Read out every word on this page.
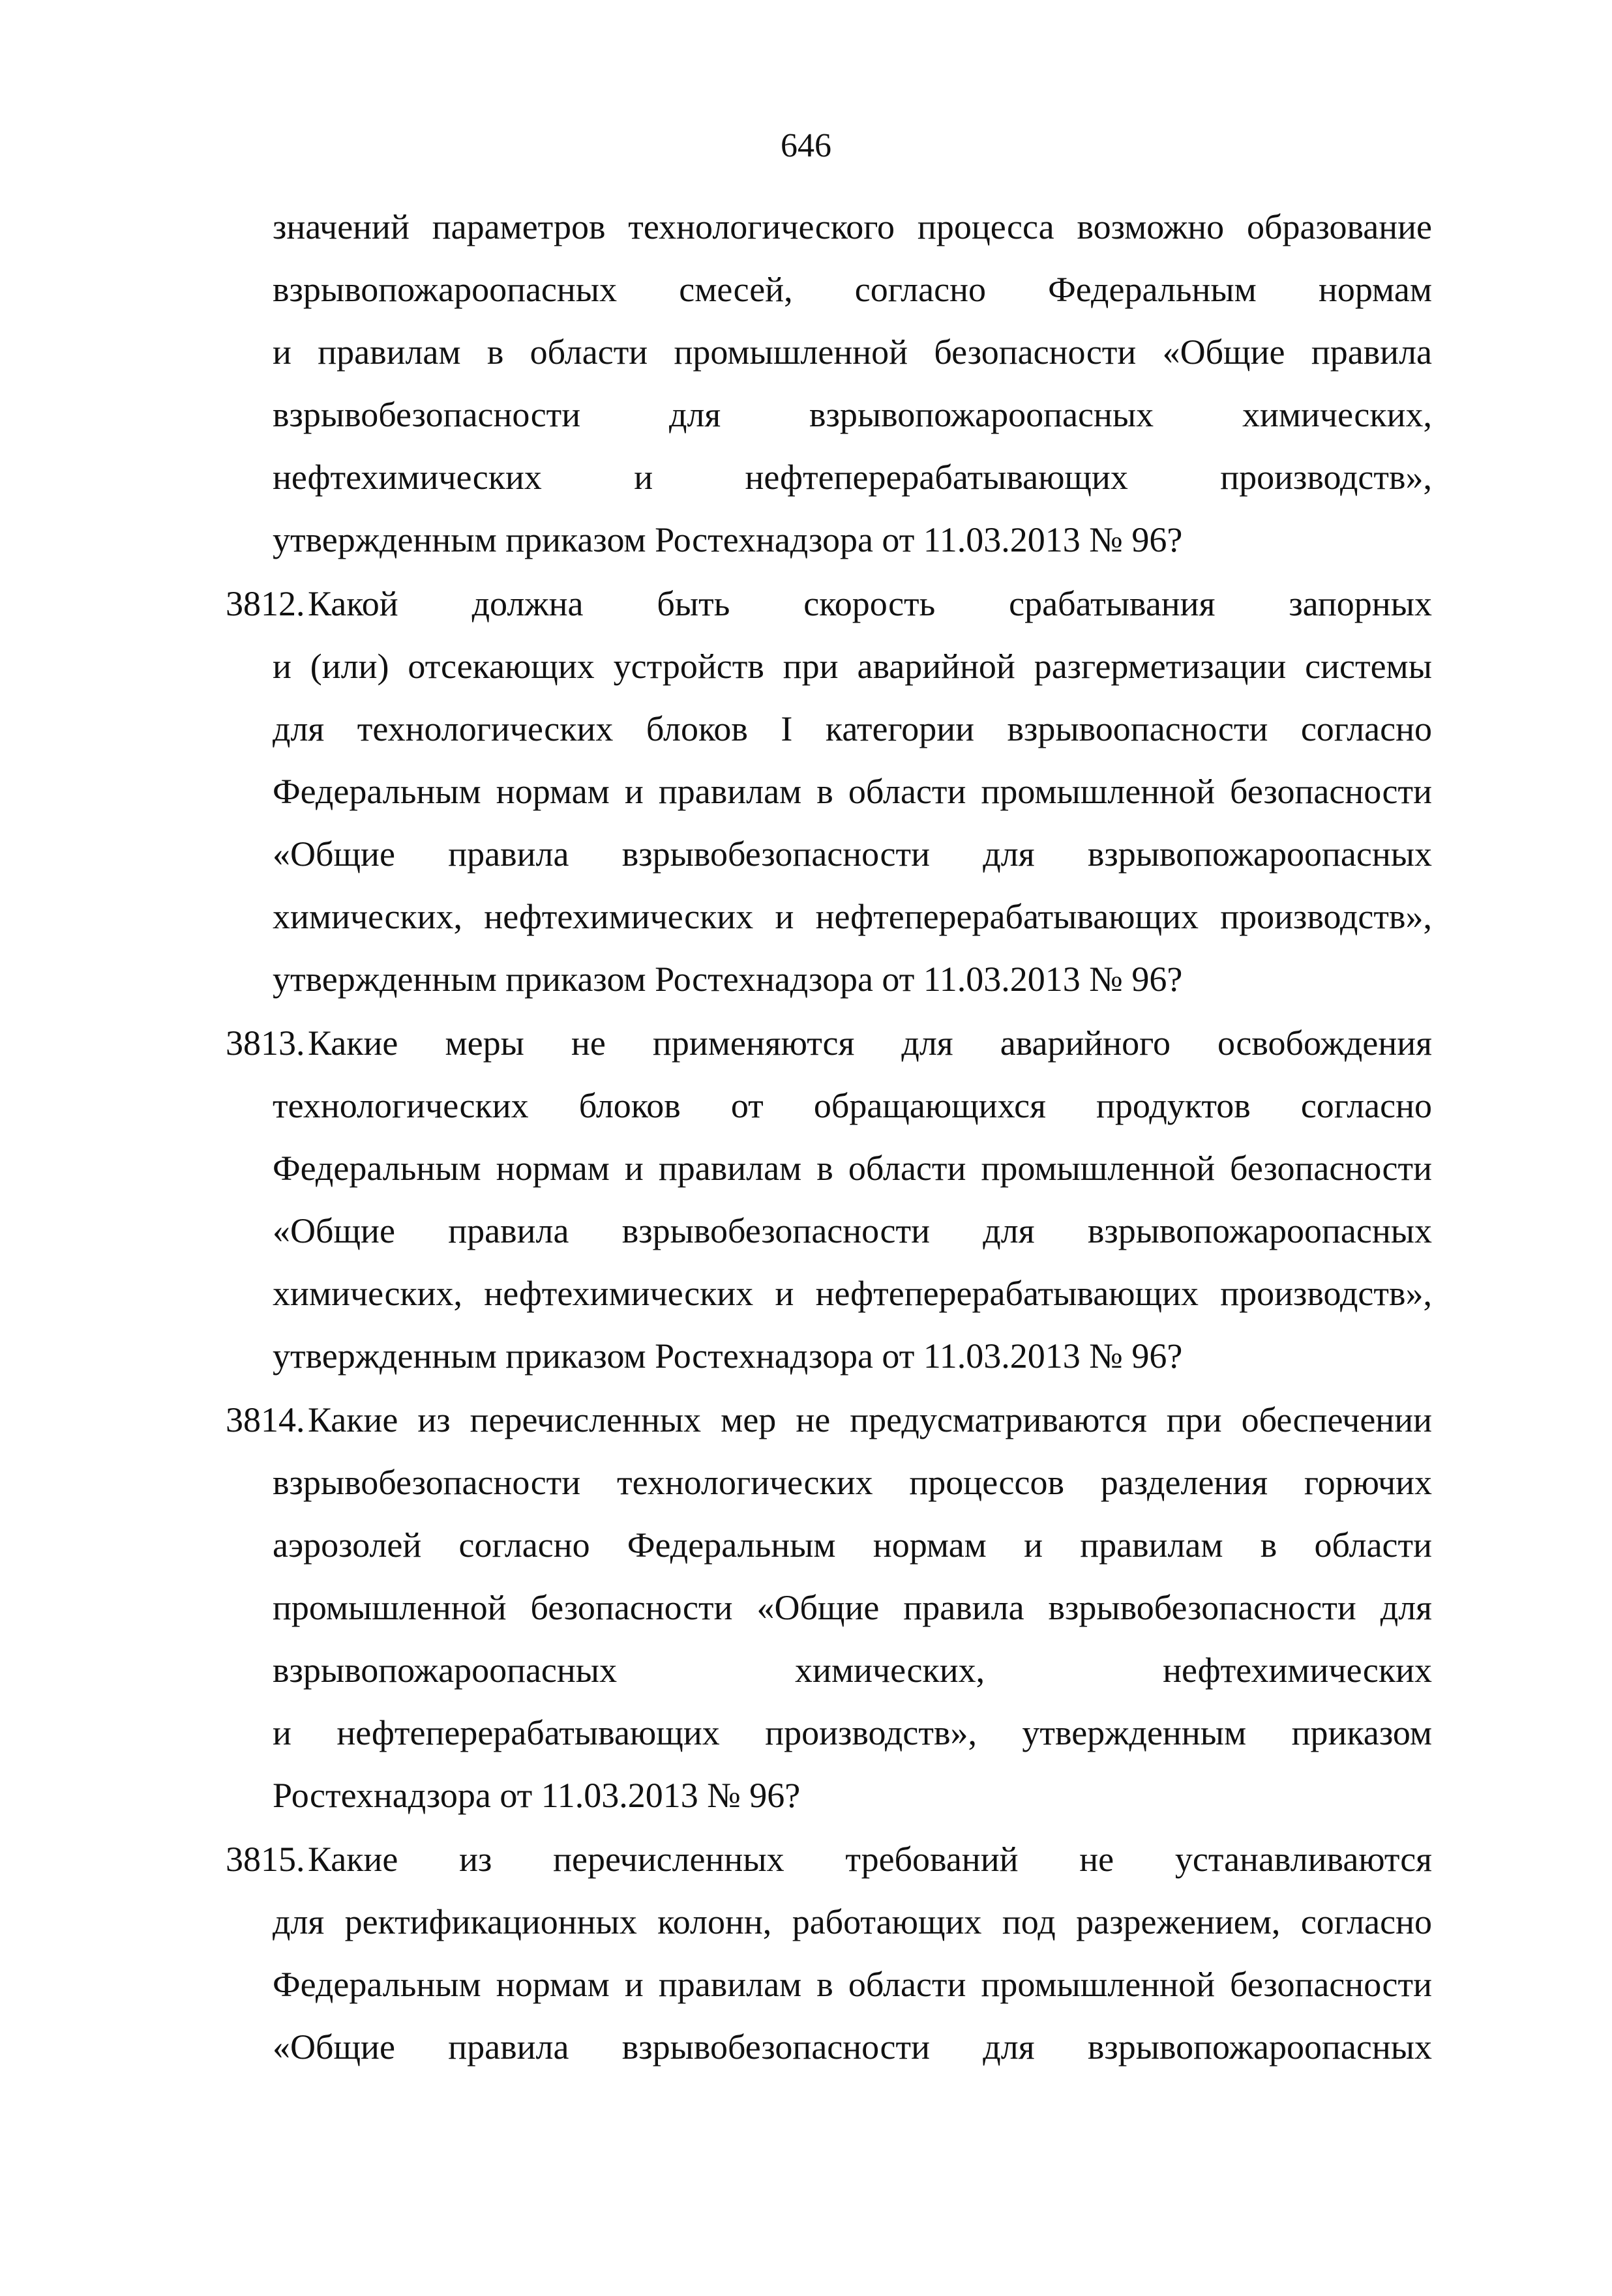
646
значений параметров технологического процесса возможно образование
взрывопожароопасных смесей, согласно Федеральным нормам
и правилам в области промышленной безопасности «Общие правила
взрывобезопасности для взрывопожароопасных химических,
нефтехимических и нефтеперерабатывающих производств»,
утвержденным приказом Ростехнадзора от 11.03.2013 № 96?
3812. Какой должна быть скорость срабатывания запорных
и (или) отсекающих устройств при аварийной разгерметизации системы
для технологических блоков I категории взрывоопасности согласно
Федеральным нормам и правилам в области промышленной безопасности
«Общие правила взрывобезопасности для взрывопожароопасных
химических, нефтехимических и нефтеперерабатывающих производств»,
утвержденным приказом Ростехнадзора от 11.03.2013 № 96?
3813. Какие меры не применяются для аварийного освобождения
технологических блоков от обращающихся продуктов согласно
Федеральным нормам и правилам в области промышленной безопасности
«Общие правила взрывобезопасности для взрывопожароопасных
химических, нефтехимических и нефтеперерабатывающих производств»,
утвержденным приказом Ростехнадзора от 11.03.2013 № 96?
3814. Какие из перечисленных мер не предусматриваются при обеспечении
взрывобезопасности технологических процессов разделения горючих
аэрозолей согласно Федеральным нормам и правилам в области
промышленной безопасности «Общие правила взрывобезопасности для
взрывопожароопасных химических, нефтехимических
и нефтеперерабатывающих производств», утвержденным приказом
Ростехнадзора от 11.03.2013 № 96?
3815. Какие из перечисленных требований не устанавливаются
для ректификационных колонн, работающих под разрежением, согласно
Федеральным нормам и правилам в области промышленной безопасности
«Общие правила взрывобезопасности для взрывопожароопасных
